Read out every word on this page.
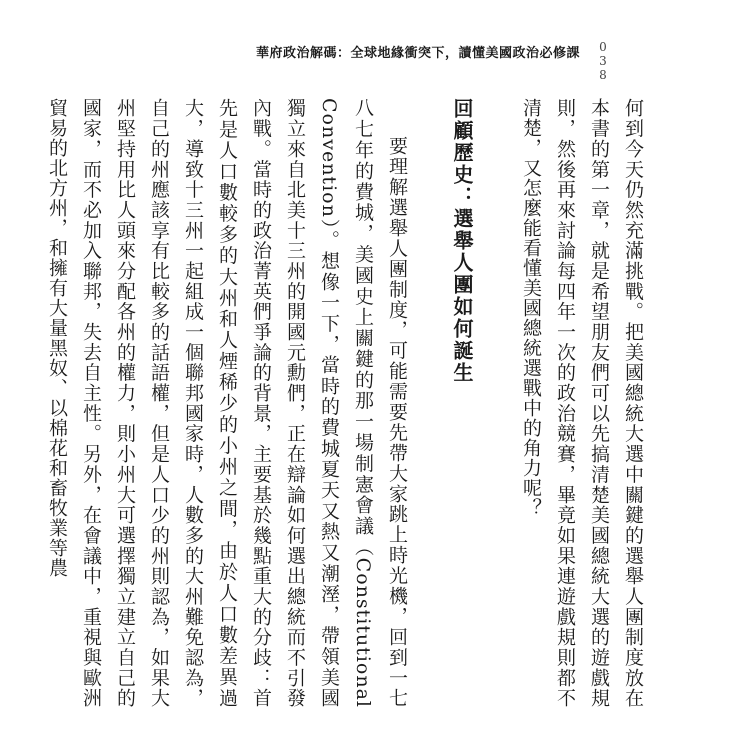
華府政治解碼：全球地緣衝突下，讀懂美國政治必修課 0
3
8

何到今天仍然充滿挑戰。把美國總統大選中關鍵的選舉人團制度放在本書的第一章，就是希望朋友們可以先搞清楚美國總統大選的遊戲規則，然後再來討論每四年一次的政治競賽，畢竟如果連遊戲規則都不清楚，又怎麼能看懂美國總統選戰中的角力呢？

回顧歷史：選舉人團如何誕生

要理解選舉人團制度，可能需要先帶大家跳上時光機，回到一七八七年的費城，美國史上關鍵的那一場制憲會議（Constitutional Convention）。想像一下，當時的費城夏天又熱又潮溼，帶領美國獨立來自北美十三州的開國元勳們，正在辯論如何選出總統而不引發內戰。當時的政治菁英們爭論的背景，主要基於幾點重大的分歧：首先是人口數較多的大州和人煙稀少的小州之間，由於人口數差異過大，導致十三州一起組成一個聯邦國家時，人數多的大州難免認為，自己的州應該享有比較多的話語權，但是人口少的州則認為，如果大州堅持用比人頭來分配各州的權力，則小州大可選擇獨立建立自己的國家，而不必加入聯邦，失去自主性。另外，在會議中，重視與歐洲貿易的北方州，和擁有大量黑奴、以棉花和畜牧業等農
